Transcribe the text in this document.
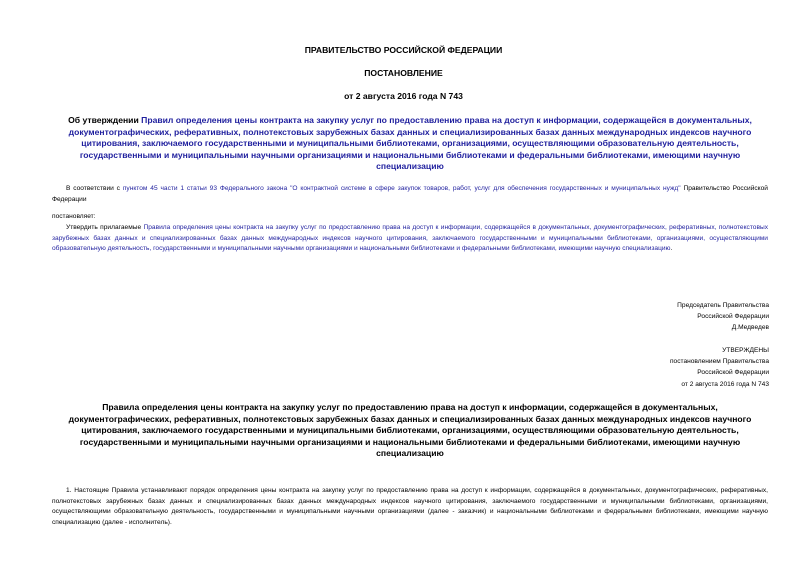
ПРАВИТЕЛЬСТВО РОССИЙСКОЙ ФЕДЕРАЦИИ
ПОСТАНОВЛЕНИЕ
от 2 августа 2016 года N 743
Об утверждении Правил определения цены контракта на закупку услуг по предоставлению права на доступ к информации, содержащейся в документальных, документографических, реферативных, полнотекстовых зарубежных базах данных и специализированных базах данных международных индексов научного цитирования, заключаемого государственными и муниципальными библиотеками, организациями, осуществляющими образовательную деятельность, государственными и муниципальными научными организациями и национальными библиотеками и федеральными библиотеками, имеющими научную специализацию
В соответствии с пунктом 45 части 1 статьи 93 Федерального закона "О контрактной системе в сфере закупок товаров, работ, услуг для обеспечения государственных и муниципальных нужд" Правительство Российской Федерации
постановляет:
Утвердить прилагаемые Правила определения цены контракта на закупку услуг по предоставлению права на доступ к информации, содержащейся в документальных, документографических, реферативных, полнотекстовых зарубежных базах данных и специализированных базах данных международных индексов научного цитирования, заключаемого государственными и муниципальными библиотеками, организациями, осуществляющими образовательную деятельность, государственными и муниципальными научными организациями и национальными библиотеками и федеральными библиотеками, имеющими научную специализацию.
Председатель Правительства
Российской Федерации
Д.Медведев
УТВЕРЖДЕНЫ
постановлением Правительства
Российской Федерации
от 2 августа 2016 года N 743
Правила определения цены контракта на закупку услуг по предоставлению права на доступ к информации, содержащейся в документальных, документографических, реферативных, полнотекстовых зарубежных базах данных и специализированных базах данных международных индексов научного цитирования, заключаемого государственными и муниципальными библиотеками, организациями, осуществляющими образовательную деятельность, государственными и муниципальными научными организациями и национальными библиотеками и федеральными библиотеками, имеющими научную специализацию
1. Настоящие Правила устанавливают порядок определения цены контракта на закупку услуг по предоставлению права на доступ к информации, содержащейся в документальных, документографических, реферативных, полнотекстовых зарубежных базах данных и специализированных базах данных международных индексов научного цитирования, заключаемого государственными и муниципальными библиотеками, организациями, осуществляющими образовательную деятельность, государственными и муниципальными научными организациями (далее - заказчик) и национальными библиотеками и федеральными библиотеками, имеющими научную специализацию (далее - исполнитель).
